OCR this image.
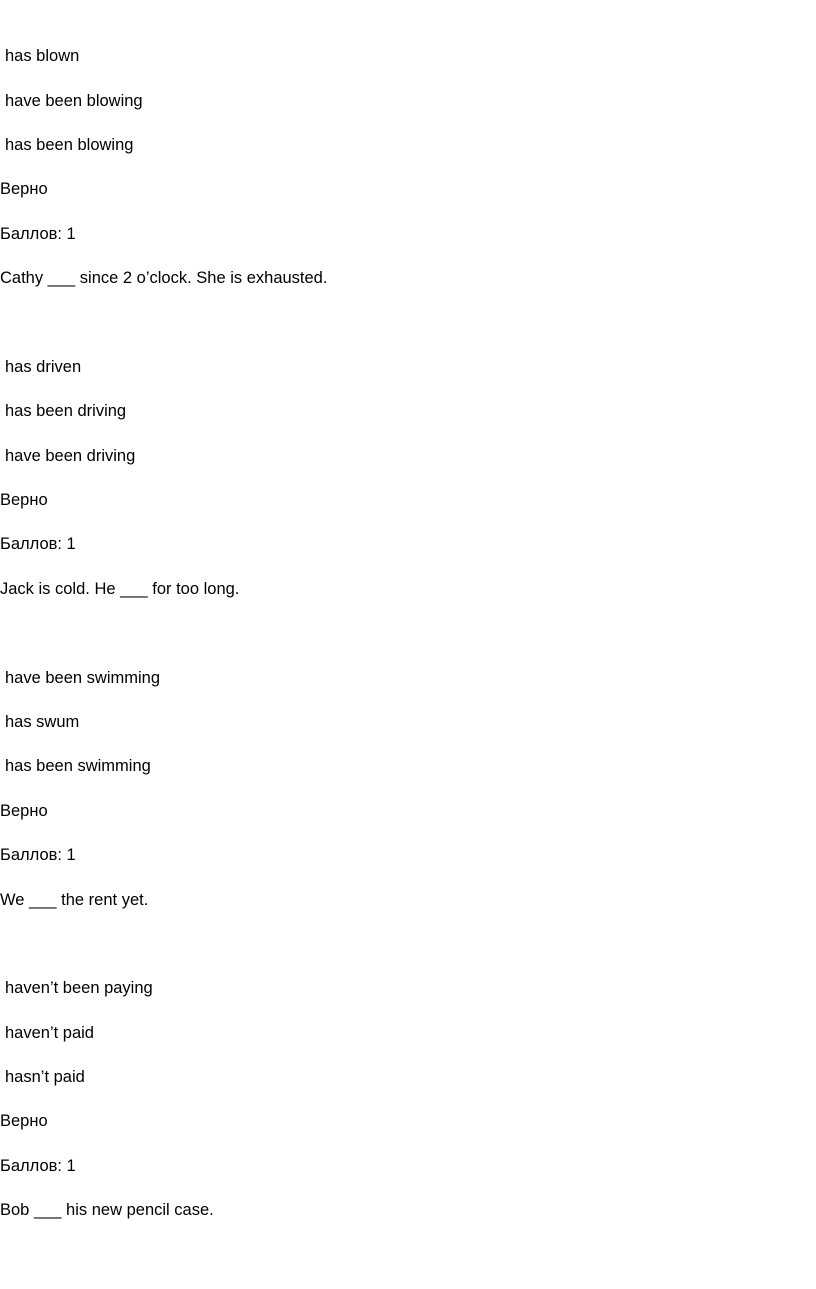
has blown
have been blowing
has been blowing
Верно
Баллов: 1
Cathy ___ since 2 o’clock. She is exhausted.
has driven
has been driving
have been driving
Верно
Баллов: 1
Jack is cold. He ___ for too long.
have been swimming
has swum
has been swimming
Верно
Баллов: 1
We ___ the rent yet.
haven’t been paying
haven’t paid
hasn’t paid
Верно
Баллов: 1
Bob ___ his new pencil case.
